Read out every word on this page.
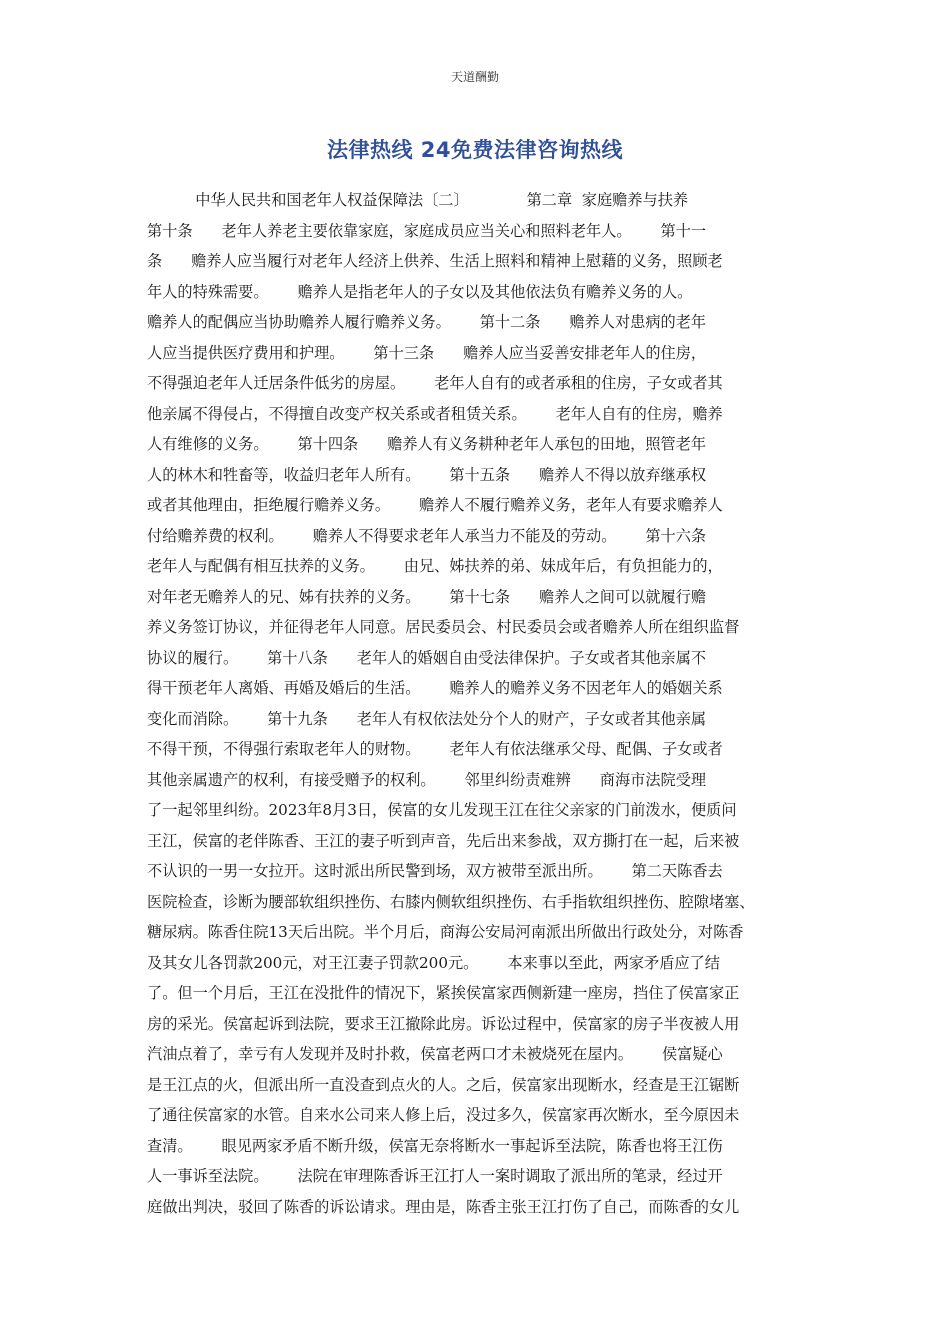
天道酬勤
法律热线 24免费法律咨询热线
中华人民共和国老年人权益保障法〔二〕            第二章  家庭赡养与扶养
第十条      老年人养老主要依靠家庭，家庭成员应当关心和照料老年人。      第十一
条      赡养人应当履行对老年人经济上供养、生活上照料和精神上慰藉的义务，照顾老
年人的特殊需要。      赡养人是指老年人的子女以及其他依法负有赡养义务的人。
赡养人的配偶应当协助赡养人履行赡养义务。      第十二条      赡养人对患病的老年
人应当提供医疗费用和护理。      第十三条      赡养人应当妥善安排老年人的住房，
不得强迫老年人迁居条件低劣的房屋。      老年人自有的或者承租的住房，子女或者其
他亲属不得侵占，不得擅自改变产权关系或者租赁关系。      老年人自有的住房，赡养
人有维修的义务。      第十四条      赡养人有义务耕种老年人承包的田地，照管老年
人的林木和牲畜等，收益归老年人所有。      第十五条      赡养人不得以放弃继承权
或者其他理由，拒绝履行赡养义务。      赡养人不履行赡养义务，老年人有要求赡养人
付给赡养费的权利。      赡养人不得要求老年人承当力不能及的劳动。      第十六条
老年人与配偶有相互扶养的义务。      由兄、姊扶养的弟、妹成年后，有负担能力的，
对年老无赡养人的兄、姊有扶养的义务。      第十七条      赡养人之间可以就履行赡
养义务签订协议，并征得老年人同意。居民委员会、村民委员会或者赡养人所在组织监督
协议的履行。      第十八条      老年人的婚姻自由受法律保护。子女或者其他亲属不
得干预老年人离婚、再婚及婚后的生活。      赡养人的赡养义务不因老年人的婚姻关系
变化而消除。      第十九条      老年人有权依法处分个人的财产，子女或者其他亲属
不得干预，不得强行索取老年人的财物。      老年人有依法继承父母、配偶、子女或者
其他亲属遗产的权利，有接受赠予的权利。      邻里纠纷责难辨      商海市法院受理
了一起邻里纠纷。2023年8月3日，侯富的女儿发现王江在往父亲家的门前泼水，便质问
王江，侯富的老伴陈香、王江的妻子听到声音，先后出来参战，双方撕打在一起，后来被
不认识的一男一女拉开。这时派出所民警到场，双方被带至派出所。      第二天陈香去
医院检查，诊断为腰部软组织挫伤、右膝内侧软组织挫伤、右手指软组织挫伤、腔隙堵塞、
糖尿病。陈香住院13天后出院。半个月后，商海公安局河南派出所做出行政处分，对陈香
及其女儿各罚款200元，对王江妻子罚款200元。      本来事以至此，两家矛盾应了结
了。但一个月后，王江在没批件的情况下，紧挨侯富家西侧新建一座房，挡住了侯富家正
房的采光。侯富起诉到法院，要求王江撤除此房。诉讼过程中，侯富家的房子半夜被人用
汽油点着了，幸亏有人发现并及时扑救，侯富老两口才未被烧死在屋内。      侯富疑心
是王江点的火，但派出所一直没查到点火的人。之后，侯富家出现断水，经查是王江锯断
了通往侯富家的水管。自来水公司来人修上后，没过多久，侯富家再次断水，至今原因未
查清。      眼见两家矛盾不断升级，侯富无奈将断水一事起诉至法院，陈香也将王江伤
人一事诉至法院。      法院在审理陈香诉王江打人一案时调取了派出所的笔录，经过开
庭做出判决，驳回了陈香的诉讼请求。理由是，陈香主张王江打伤了自己，而陈香的女儿
